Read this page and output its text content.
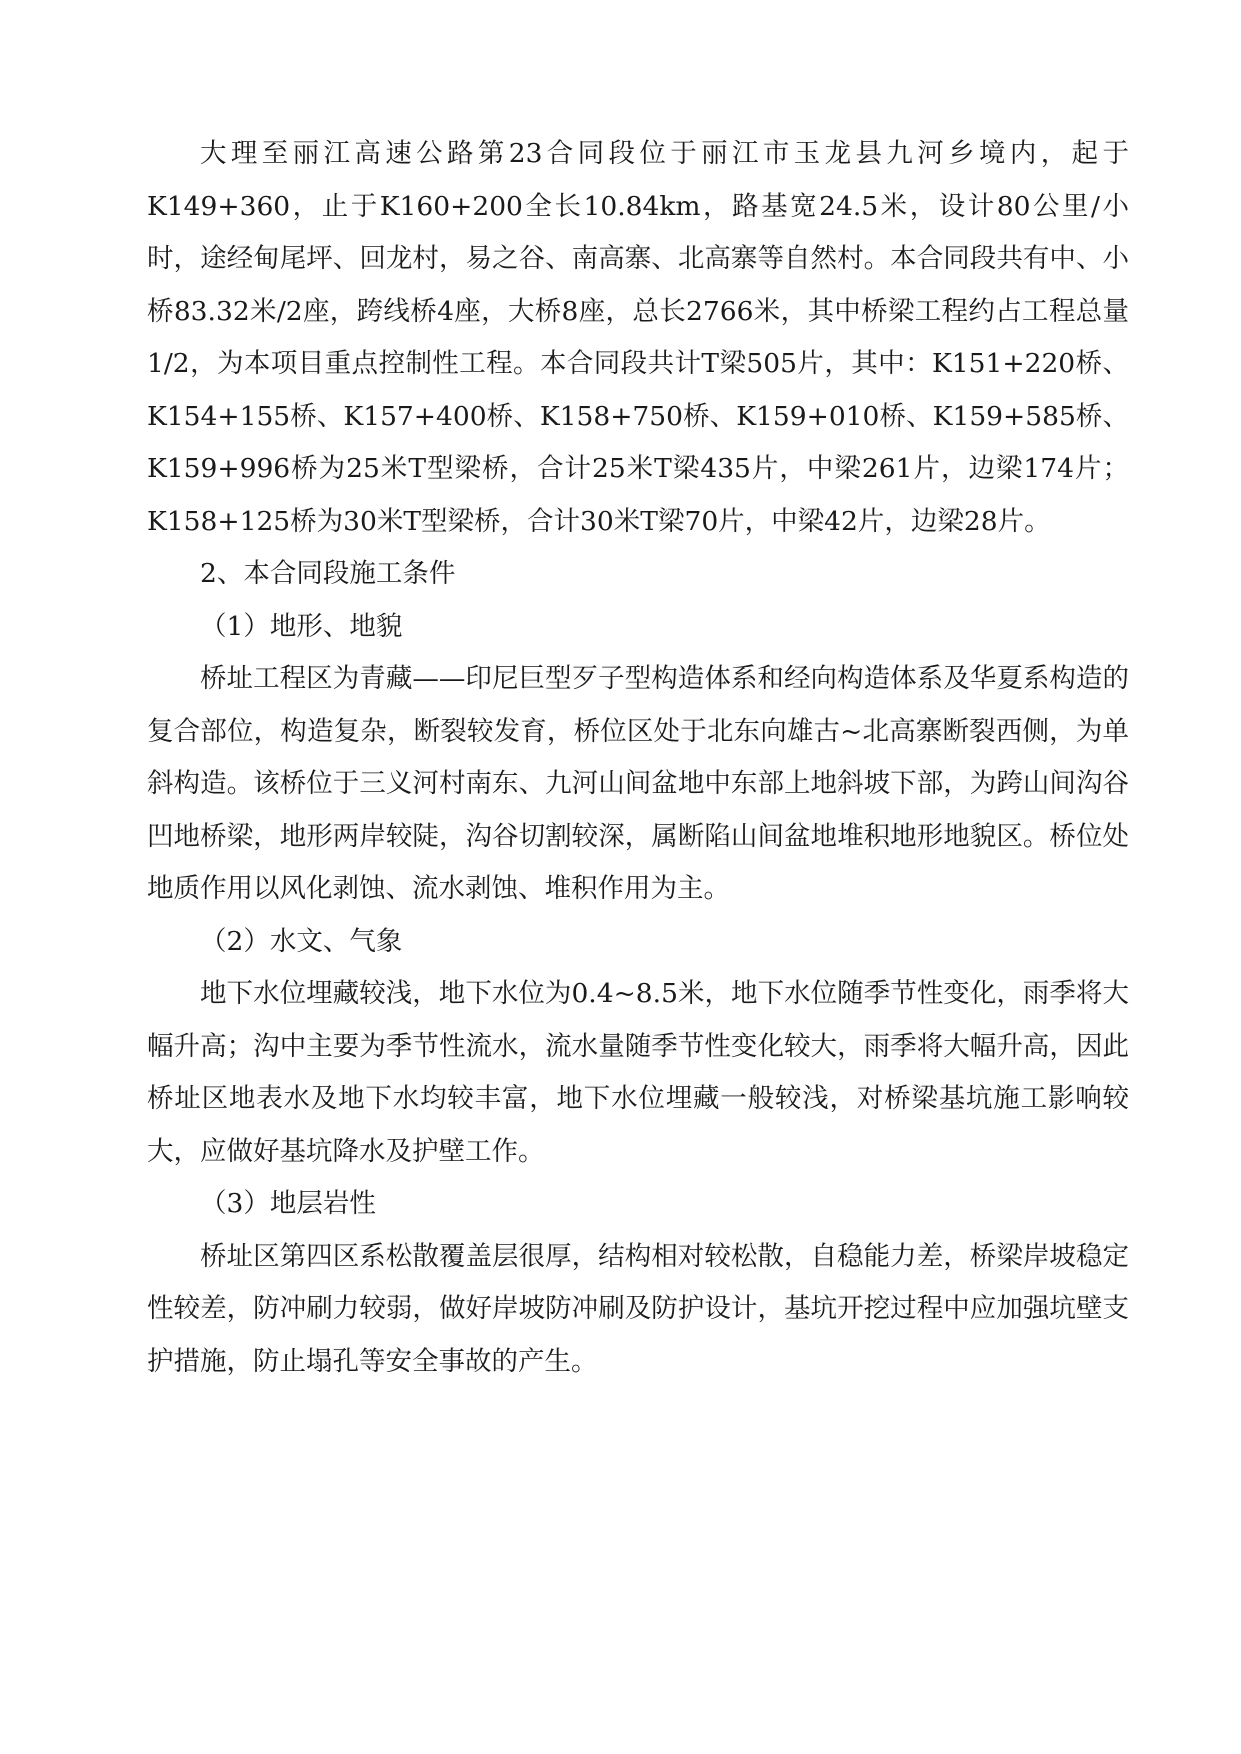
大理至丽江高速公路第23合同段位于丽江市玉龙县九河乡境内，起于K149+360，止于K160+200全长10.84km，路基宽24.5米，设计80公里/小时，途经甸尾坪、回龙村，易之谷、南高寨、北高寨等自然村。本合同段共有中、小桥83.32米/2座，跨线桥4座，大桥8座，总长2766米，其中桥梁工程约占工程总量1/2，为本项目重点控制性工程。本合同段共计T梁505片，其中：K151+220桥、K154+155桥、K157+400桥、K158+750桥、K159+010桥、K159+585桥、K159+996桥为25米T型梁桥，合计25米T梁435片，中梁261片，边梁174片；K158+125桥为30米T型梁桥，合计30米T梁70片，中梁42片，边梁28片。

2、本合同段施工条件

（1）地形、地貌

桥址工程区为青藏——印尼巨型歹子型构造体系和经向构造体系及华夏系构造的复合部位，构造复杂，断裂较发育，桥位区处于北东向雄古~北高寨断裂西侧，为单斜构造。该桥位于三义河村南东、九河山间盆地中东部上地斜坡下部，为跨山间沟谷凹地桥梁，地形两岸较陡，沟谷切割较深，属断陷山间盆地堆积地形地貌区。桥位处地质作用以风化剥蚀、流水剥蚀、堆积作用为主。

（2）水文、气象

地下水位埋藏较浅，地下水位为0.4~8.5米，地下水位随季节性变化，雨季将大幅升高；沟中主要为季节性流水，流水量随季节性变化较大，雨季将大幅升高，因此桥址区地表水及地下水均较丰富，地下水位埋藏一般较浅，对桥梁基坑施工影响较大，应做好基坑降水及护壁工作。

（3）地层岩性

桥址区第四区系松散覆盖层很厚，结构相对较松散，自稳能力差，桥梁岸坡稳定性较差，防冲刷力较弱，做好岸坡防冲刷及防护设计，基坑开挖过程中应加强坑壁支护措施，防止塌孔等安全事故的产生。
